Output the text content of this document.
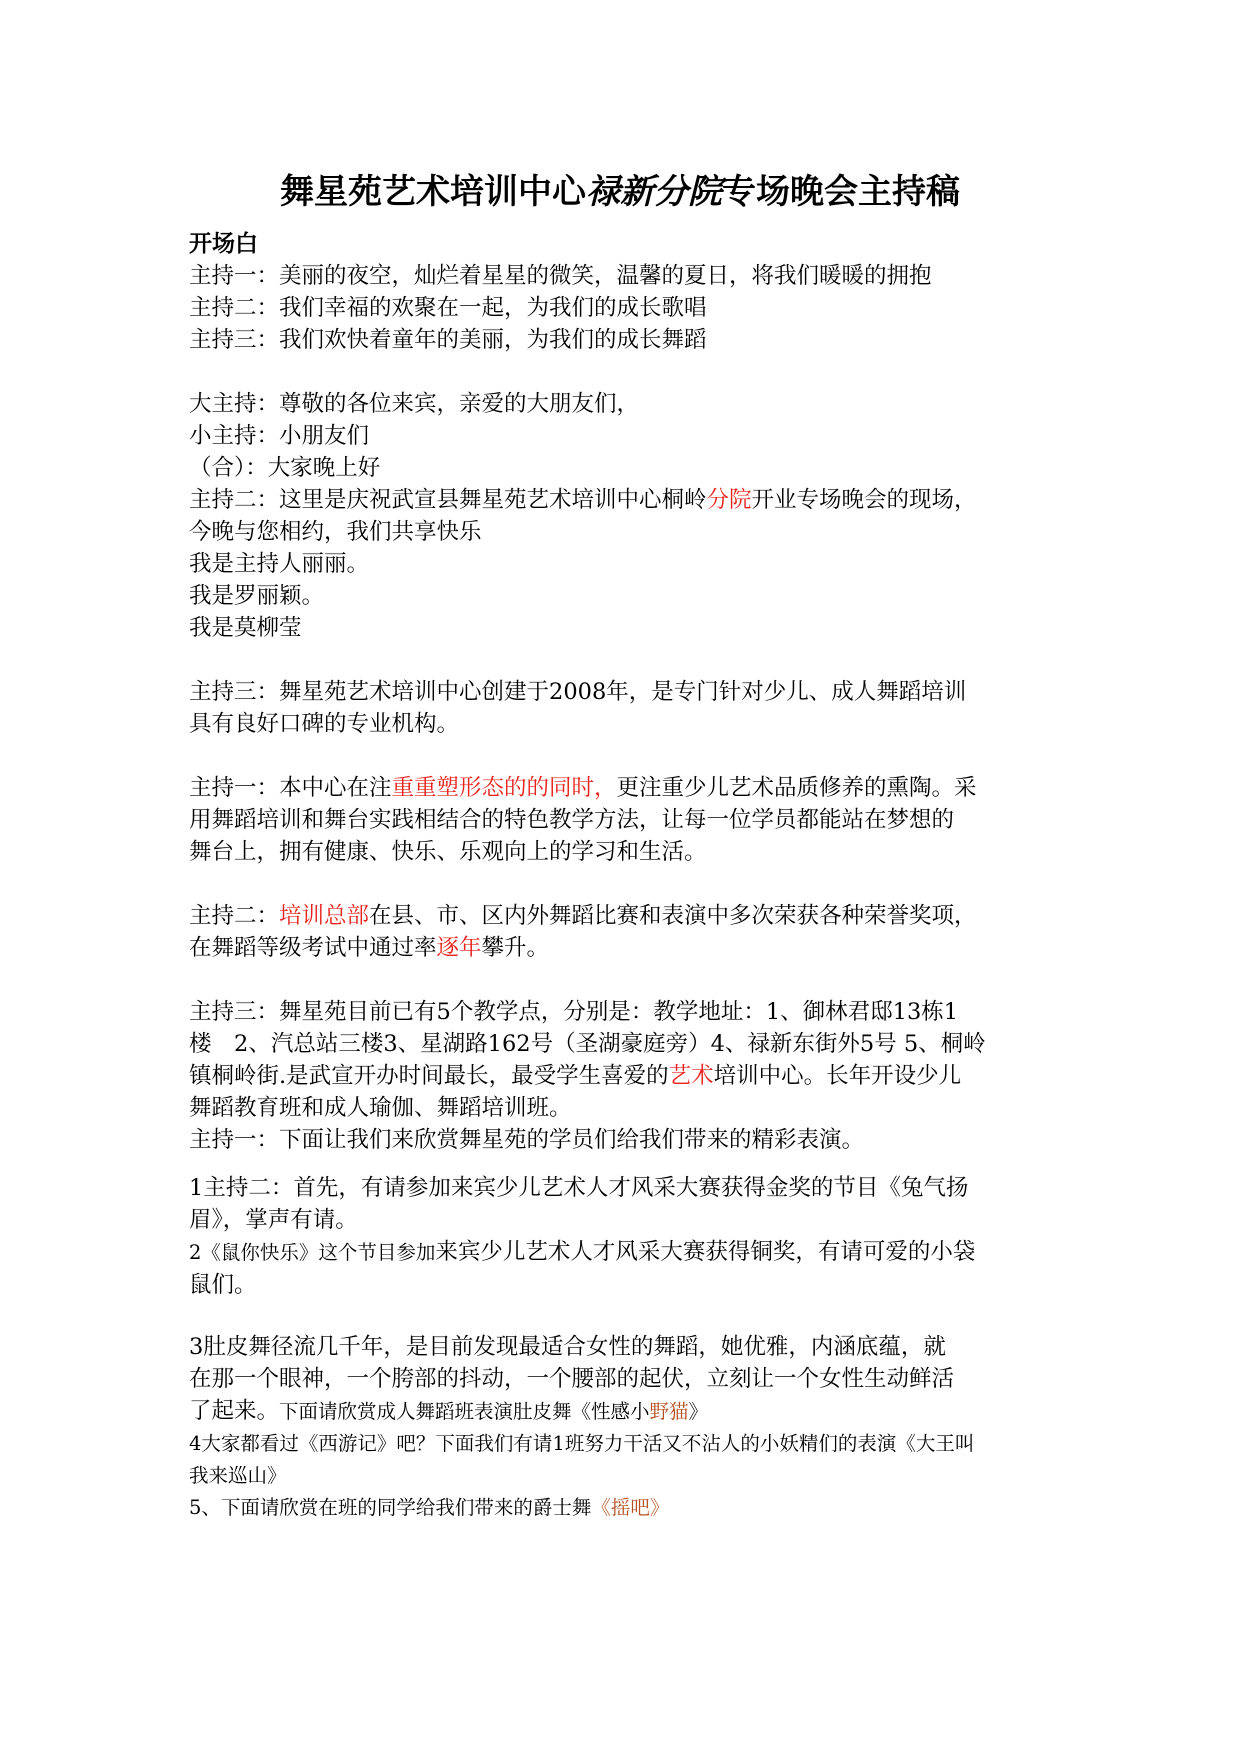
舞星苑艺术培训中心禄新分院专场晚会主持稿

开场白

主持一：美丽的夜空，灿烂着星星的微笑，温馨的夏日，将我们暖暖的拥抱

主持二：我们幸福的欢聚在一起，为我们的成长歌唱

主持三：我们欢快着童年的美丽，为我们的成长舞蹈

大主持：尊敬的各位来宾，亲爱的大朋友们，

小主持：小朋友们

（合）：大家晚上好

主持二：这里是庆祝武宣县舞星苑艺术培训中心桐岭分院开业专场晚会的现场，

今晚与您相约，我们共享快乐

我是主持人丽丽。

我是罗丽颖。

我是莫柳莹

主持三：舞星苑艺术培训中心创建于2008年，是专门针对少儿、成人舞蹈培训

具有良好口碑的专业机构。

主持一：本中心在注重重塑形态的的同时，更注重少儿艺术品质修养的熏陶。采

用舞蹈培训和舞台实践相结合的特色教学方法，让每一位学员都能站在梦想的

舞台上，拥有健康、快乐、乐观向上的学习和生活。

主持二：培训总部在县、市、区内外舞蹈比赛和表演中多次荣获各种荣誉奖项，

在舞蹈等级考试中通过率逐年攀升。

主持三：舞星苑目前已有5个教学点，分别是：教学地址：1、御林君邸13栋1

楼　2、汽总站三楼3、星湖路162号（圣湖豪庭旁）4、禄新东街外5号 5、桐岭

镇桐岭街.是武宣开办时间最长，最受学生喜爱的艺术培训中心。长年开设少儿

舞蹈教育班和成人瑜伽、舞蹈培训班。

主持一：下面让我们来欣赏舞星苑的学员们给我们带来的精彩表演。

1主持二：首先，有请参加来宾少儿艺术人才风采大赛获得金奖的节目《兔气扬

眉》，掌声有请。

2《鼠你快乐》这个节目参加来宾少儿艺术人才风采大赛获得铜奖，有请可爱的小袋

鼠们。

3肚皮舞径流几千年，是目前发现最适合女性的舞蹈，她优雅，内涵底蕴，就

在那一个眼神，一个胯部的抖动，一个腰部的起伏，立刻让一个女性生动鲜活

了起来。下面请欣赏成人舞蹈班表演肚皮舞《性感小野猫》

4大家都看过《西游记》吧？下面我们有请1班努力干活又不沾人的小妖精们的表演《大王叫

我来巡山》

5、下面请欣赏在班的同学给我们带来的爵士舞《摇吧》
